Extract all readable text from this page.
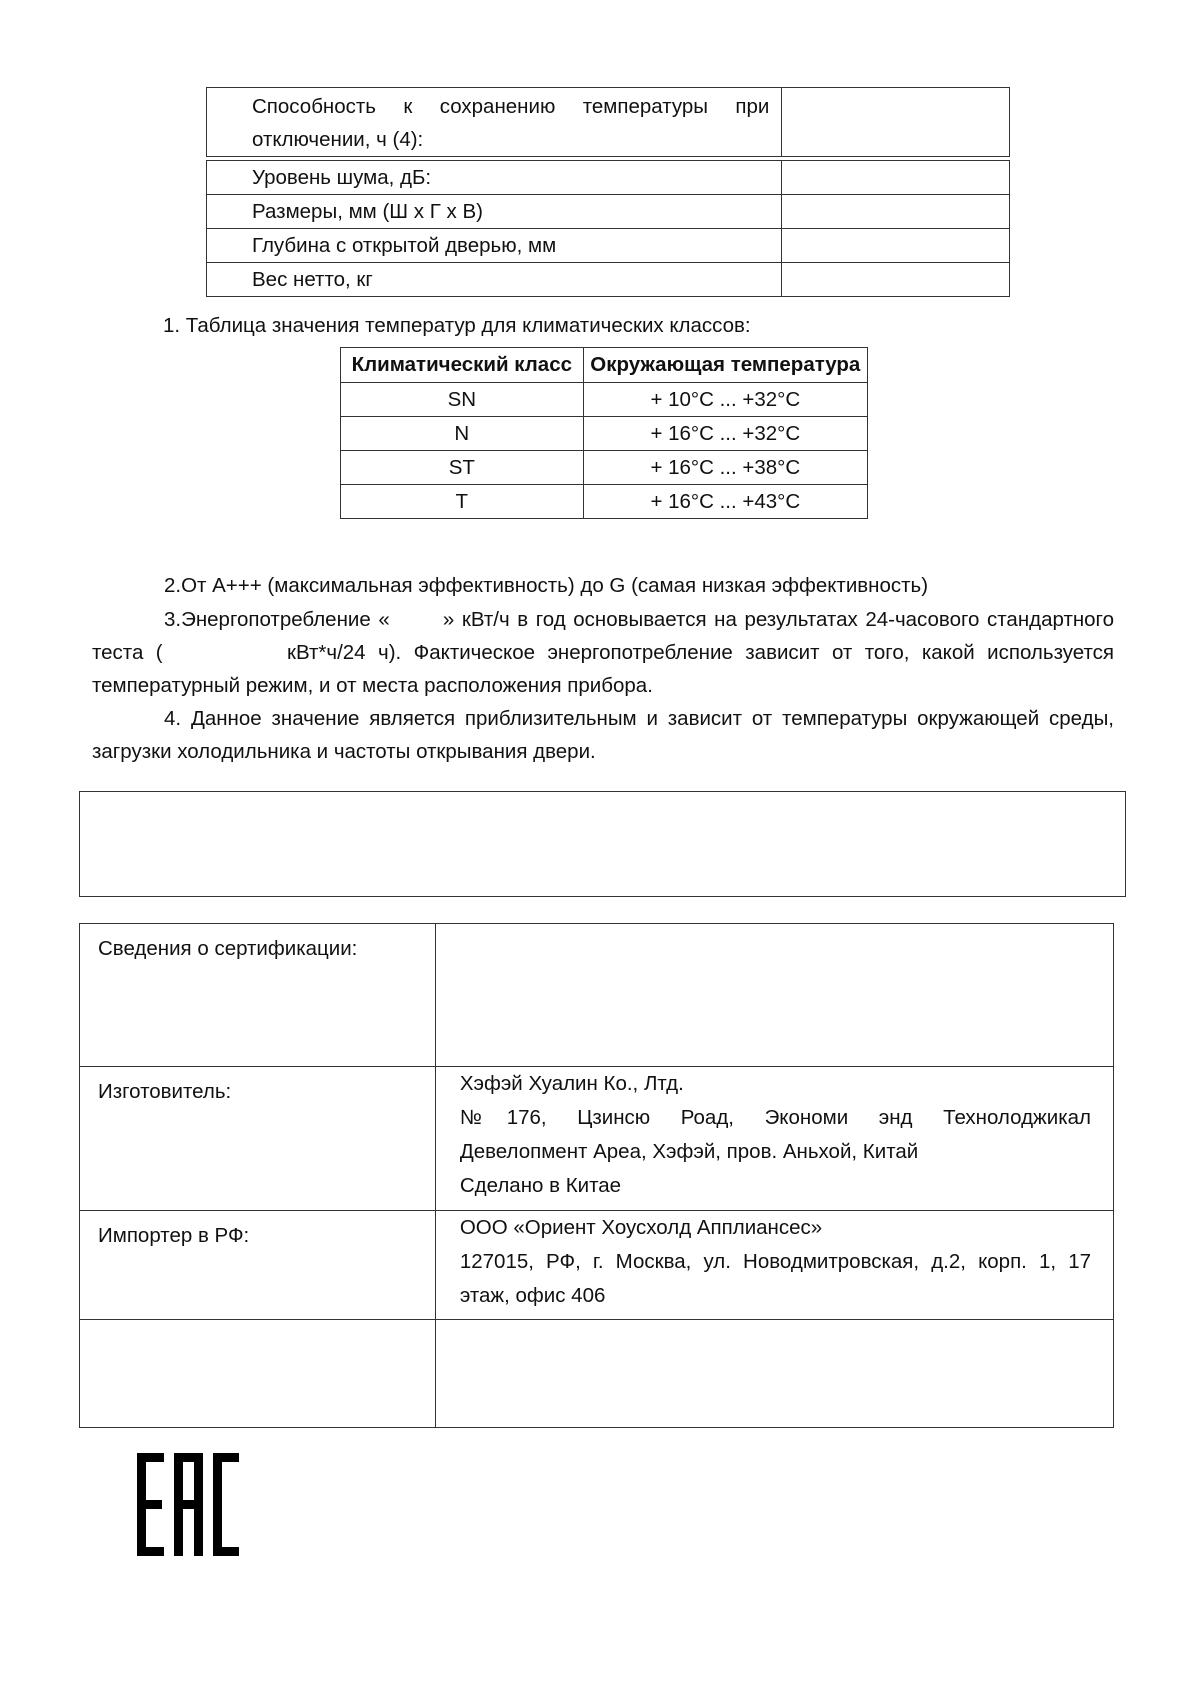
Способность к сохранению температуры при отключении, ч (4):	

Уровень шума, дБ:	

Размеры, мм (Ш х Г х В)	

Глубина с открытой дверью, мм	

Вес нетто, кг	

1. Таблица значения температур для климатических классов:
Климатический класс	Окружающая температура
SN	+ 10°C ... +32°C
N	+ 16°C ... +32°C
ST	+ 16°C ... +38°C
T	+ 16°C ... +43°C
2.От А+++ (максимальная эффективность) до G (самая низкая эффективность)
3.Энергопотребление «       » кВт/ч в год основывается на результатах 24-часового стандартного теста (          кВт*ч/24 ч). Фактическое энергопотребление зависит от того, какой используется температурный режим, и от места расположения прибора.
4. Данное значение является приблизительным и зависит от температуры окружающей среды, загрузки холодильника и частоты открывания двери.
Сведения о сертификации:	
Изготовитель:	Хэфэй Хуалин Ко., Лтд.
№176, Цзинсю Роад, Экономи энд Технолоджикал
Девелопмент Ареа, Хэфэй, пров. Аньхой, Китай
Сделано в Китае

Импортер в РФ:	ООО «Ориент Хоусхолд Апплиансес»
127015, РФ, г. Москва, ул. Новодмитровская, д.2, корп. 1, 17
этаж, офис 406
